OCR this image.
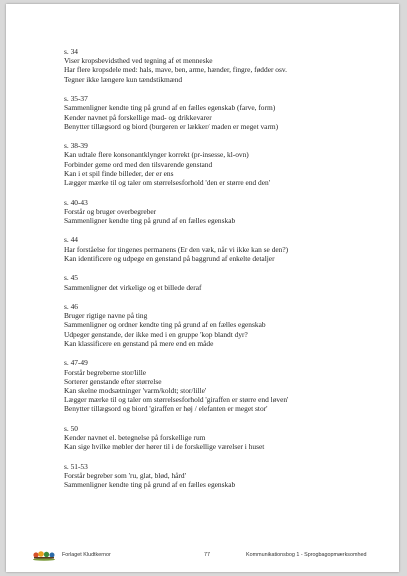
s. 34
Viser kropsbevidsthed ved tegning af et menneske
Har flere kropsdele med: hals, mave, ben, arme, hænder, fingre, fødder osv.
Tegner ikke længere kun tændstikmænd
s. 35-37
Sammenligner kendte ting på grund af en fælles egenskab (farve, form)
Kender navnet på forskellige mad- og drikkevarer
Benytter tillægsord og biord (burgeren er lækker/ maden er meget varm)
s. 38-39
Kan udtale flere konsonantklynger korrekt (pr-insesse, kl-ovn)
Forbinder geme ord med den tilsvarende genstand
Kan i et spil finde billeder, der er ens
Lægger mærke til og taler om størrelsesforhold 'den er større end den'
s. 40-43
Forstår og bruger overbegreber
Sammenligner kendte ting på grund af en fælles egenskab
s. 44
Har forståelse for tingenes permanens (Er den væk, når vi ikke kan se den?)
Kan identificere og udpege en genstand på baggrund af enkelte detaljer
s. 45
Sammenligner det virkelige og et billede deraf
s. 46
Bruger rigtige navne på ting
Sammenligner og ordner kendte ting på grund af en fælles egenskab
Udpeger genstande, der ikke med i en gruppe 'kop blandt dyr?
Kan klassificere en genstand på mere end en måde
s. 47-49
Forstår begreberne stor/lille
Sorterer genstande efter størrelse
Kan skelne modsætninger 'varm/koldt; stor/lille'
Lægger mærke til og taler om størrelsesforhold 'giraffen er større end løven'
Benytter tillægsord og biord 'giraffen er høj / elefanten er meget stor'
s. 50
Kender navnet el. betegnelse på forskellige rum
Kan sige hvilke møbler der hører til i de forskellige værelser i huset
s. 51-53
Forstår begreber som 'ru, glat, blød, hård'
Sammenligner kendte ting på grund af en fælles egenskab
Forlaget Kludtkernor	77	Kommunikationsbog 1 - Sprogbagopmærksomhed
